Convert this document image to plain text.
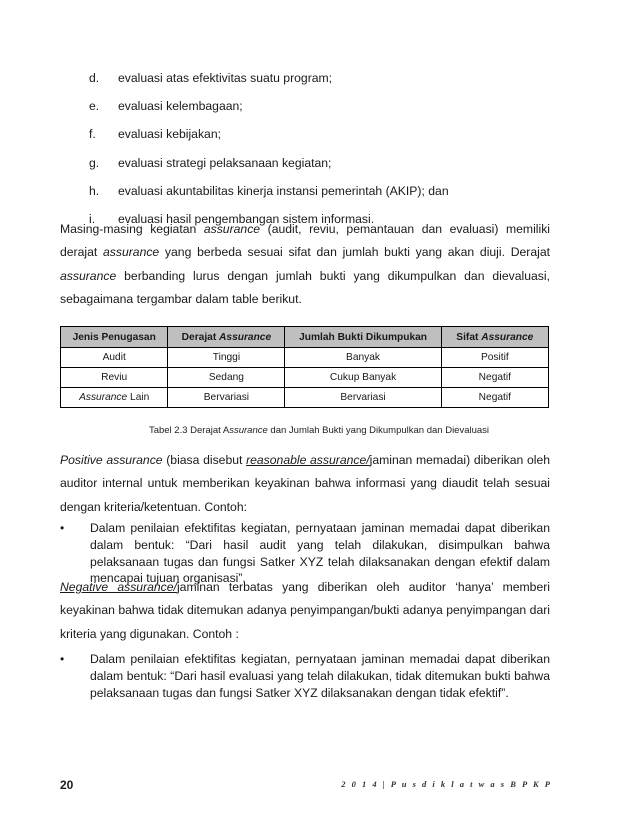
d.	evaluasi atas efektivitas suatu program;
e.	evaluasi kelembagaan;
f.	evaluasi kebijakan;
g.	evaluasi strategi pelaksanaan kegiatan;
h.	evaluasi akuntabilitas kinerja instansi pemerintah (AKIP); dan
i.	evaluasi hasil pengembangan sistem informasi.

Masing-masing kegiatan assurance (audit, reviu, pemantauan dan evaluasi) memiliki derajat assurance yang berbeda sesuai sifat dan jumlah bukti yang akan diuji. Derajat assurance berbanding lurus dengan jumlah bukti yang dikumpulkan dan dievaluasi, sebagaimana tergambar dalam table berikut.

Jenis Penugasan	Derajat Assurance	Jumlah Bukti Dikumpukan	Sifat Assurance
Audit	Tinggi	Banyak	Positif
Reviu	Sedang	Cukup Banyak	Negatif
Assurance Lain	Bervariasi	Bervariasi	Negatif
Tabel 2.3 Derajat Assurance dan Jumlah Bukti yang Dikumpulkan dan Dievaluasi

Positive assurance (biasa disebut reasonable assurance/jaminan memadai) diberikan oleh auditor internal untuk memberikan keyakinan bahwa informasi yang diaudit telah sesuai dengan kriteria/ketentuan. Contoh:

• Dalam penilaian efektifitas kegiatan, pernyataan jaminan memadai dapat diberikan dalam bentuk: “Dari hasil audit yang telah dilakukan, disimpulkan bahwa pelaksanaan tugas dan fungsi Satker XYZ telah dilaksanakan dengan efektif dalam mencapai tujuan organisasi”.

Negative assurance/jaminan terbatas yang diberikan oleh auditor ‘hanya’ memberi keyakinan bahwa tidak ditemukan adanya penyimpangan/bukti adanya penyimpangan dari kriteria yang digunakan. Contoh :

• Dalam penilaian efektifitas kegiatan, pernyataan jaminan memadai dapat diberikan dalam bentuk: “Dari hasil evaluasi yang telah dilakukan, tidak ditemukan bukti bahwa pelaksanaan tugas dan fungsi Satker XYZ dilaksanakan dengan tidak efektif”.
20	2 0 1 4 | P u s d i k l a t w a s B P K P
